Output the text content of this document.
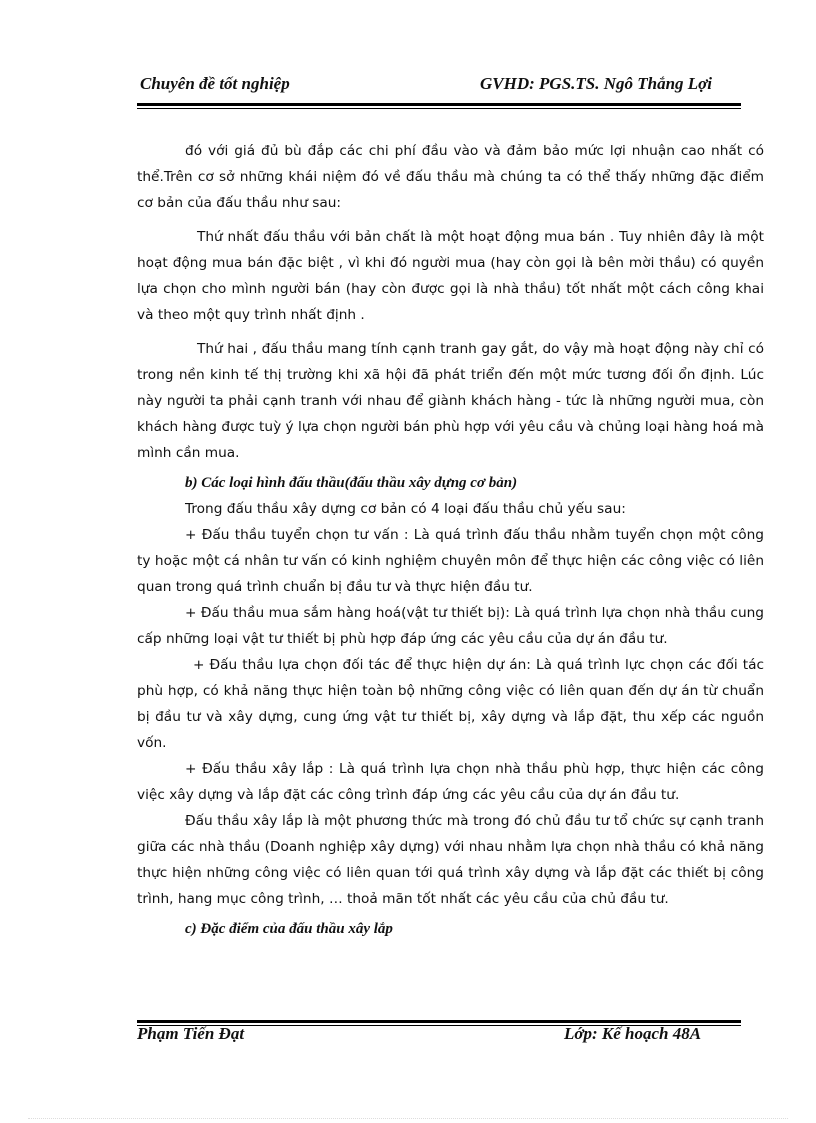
Chuyên đề tốt nghiệp	GVHD: PGS.TS. Ngô Thắng Lợi

đó với giá đủ bù đắp các chi phí đầu vào và đảm bảo mức lợi nhuận cao nhất có thể.Trên cơ sở những khái niệm đó về đấu thầu mà chúng ta có thể thấy những đặc điểm cơ bản của đấu thầu như sau:

Thứ nhất đấu thầu với bản chất là một hoạt động mua bán . Tuy nhiên đây là một hoạt động mua bán đặc biệt , vì khi đó người mua (hay còn gọi là bên mời thầu) có quyền lựa chọn cho mình người bán (hay còn được gọi là nhà thầu) tốt nhất một cách công khai và theo một quy trình nhất định .

Thứ hai , đấu thầu mang tính cạnh tranh gay gắt, do vậy mà hoạt động này chỉ có trong nền kinh tế thị trường khi xã hội đã phát triển đến một mức tương đối ổn định. Lúc này người ta phải cạnh tranh với nhau để giành khách hàng - tức là những người mua, còn khách hàng được tuỳ ý lựa chọn người bán phù hợp với yêu cầu và chủng loại hàng hoá mà mình cần mua.

b) Các loại hình đấu thầu(đấu thầu xây dựng cơ bản)

Trong đấu thầu xây dựng cơ bản có 4 loại đấu thầu chủ yếu sau:

+ Đấu thầu tuyển chọn tư vấn : Là quá trình đấu thầu nhằm tuyển chọn một công ty hoặc một cá nhân tư vấn có kinh nghiệm chuyên môn để thực hiện các công việc có liên quan trong quá trình chuẩn bị đầu tư và thực hiện đầu tư.

+ Đấu thầu mua sắm hàng hoá(vật tư thiết bị): Là quá trình lựa chọn nhà thầu cung cấp những loại vật tư thiết bị phù hợp đáp ứng các yêu cầu của dự án đầu tư.

+ Đấu thầu lựa chọn đối tác để thực hiện dự án: Là quá trình lực chọn các đối tác phù hợp, có khả năng thực hiện toàn bộ những công việc có liên quan đến dự án từ chuẩn bị đầu tư và xây dựng, cung ứng vật tư thiết bị, xây dựng và lắp đặt, thu xếp các nguồn vốn.

+ Đấu thầu xây lắp : Là quá trình lựa chọn nhà thầu phù hợp, thực hiện các công việc xây dựng và lắp đặt các công trình đáp ứng các yêu cầu của dự án đầu tư.

Đấu thầu xây lắp là một phương thức mà trong đó chủ đầu tư tổ chức sự cạnh tranh giữa các nhà thầu (Doanh nghiệp xây dựng) với nhau nhằm lựa chọn nhà thầu có khả năng thực hiện những công việc có liên quan tới quá trình xây dựng và lắp đặt các thiết bị công trình, hang mục công trình, … thoả mãn tốt nhất các yêu cầu của chủ đầu tư.

c) Đặc điểm của đấu thầu xây lắp

Phạm Tiến Đạt	Lớp: Kế hoạch 48A
